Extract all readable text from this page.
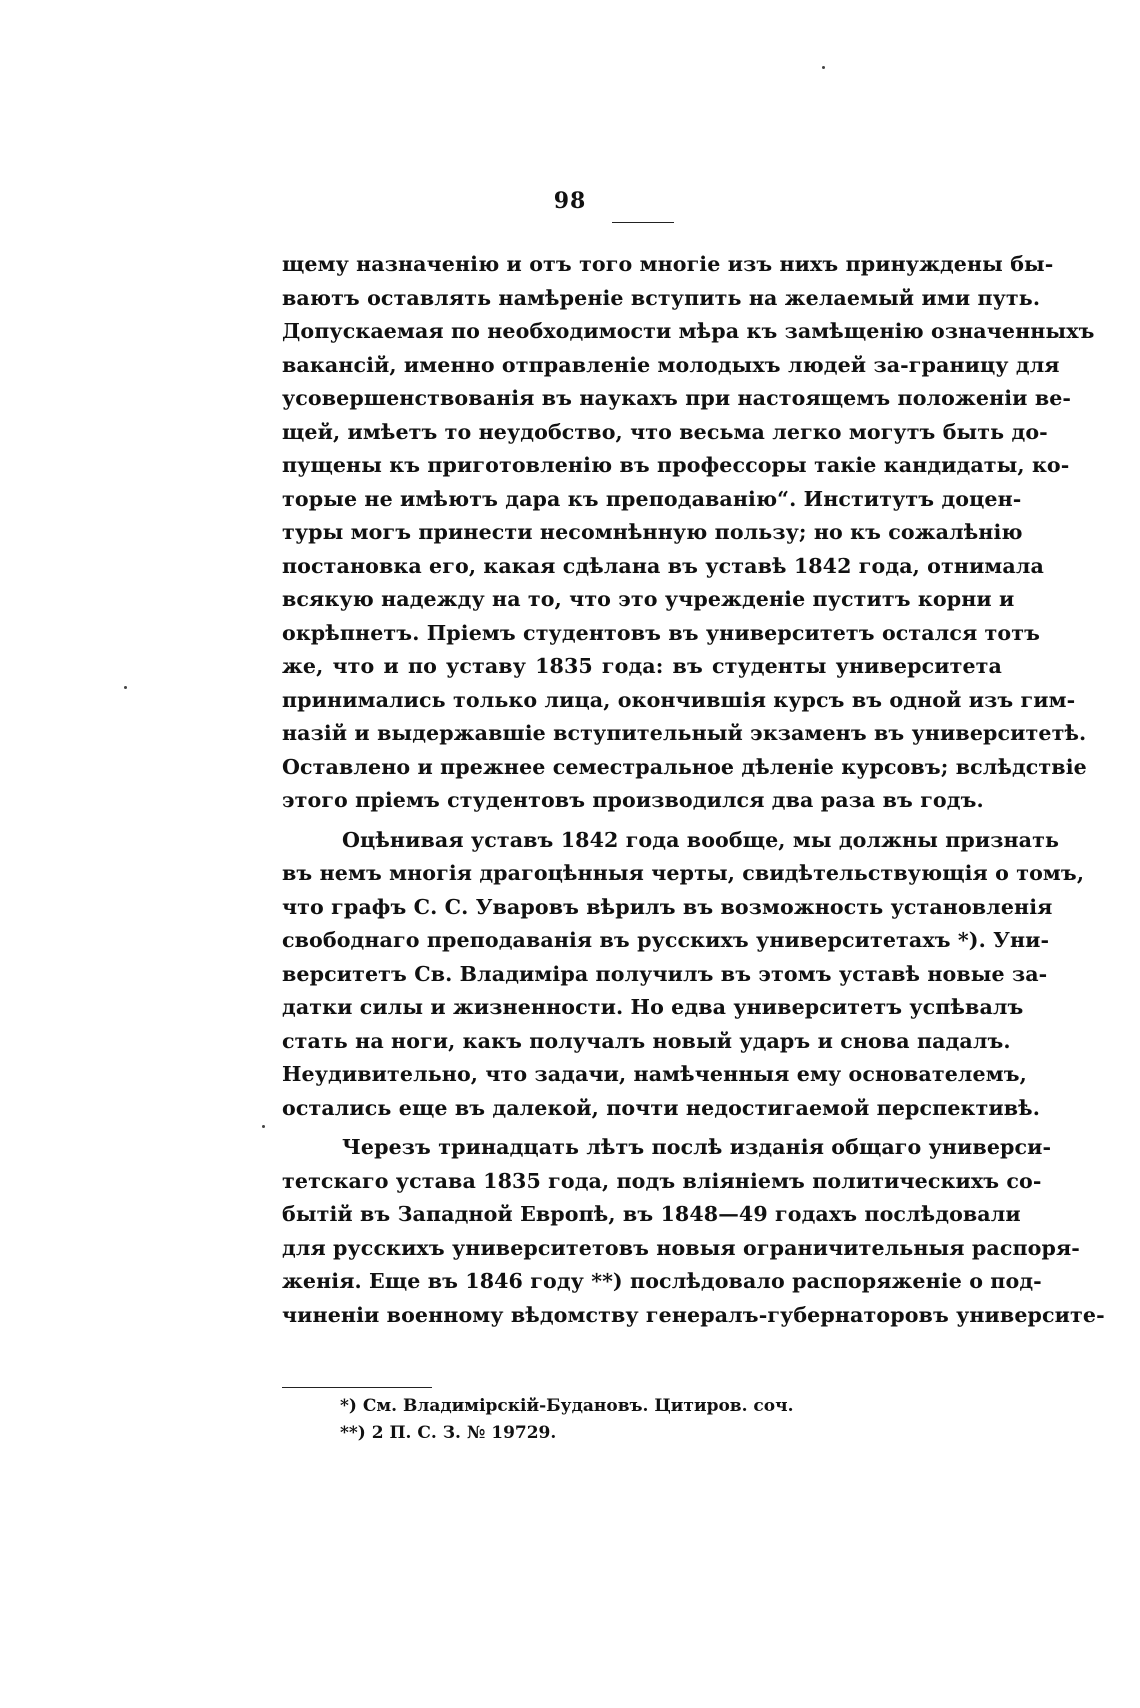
98
щему назначенію и отъ того многіе изъ нихъ принуждены бы-
ваютъ оставлять намѣреніе вступить на желаемый ими путь.
Допускаемая по необходимости мѣра къ замѣщенію означенныхъ
вакансій, именно отправленіе молодыхъ людей за-границу для
усовершенствованія въ наукахъ при настоящемъ положеніи ве-
щей, имѣетъ то неудобство, что весьма легко могутъ быть до-
пущены къ приготовленію въ профессоры такіе кандидаты, ко-
торые не имѣютъ дара къ преподаванію“. Институтъ доцен-
туры могъ принести несомнѣнную пользу; но къ сожалѣнію
постановка его, какая сдѣлана въ уставѣ 1842 года, отнимала
всякую надежду на то, что это учрежденіе пуститъ корни и
окрѣпнетъ. Пріемъ студентовъ въ университетъ остался тотъ
же, что и по уставу 1835 года: въ студенты университета
принимались только лица, окончившія курсъ въ одной изъ гим-
назій и выдержавшіе вступительный экзаменъ въ университетѣ.
Оставлено и прежнее семестральное дѣленіе курсовъ; вслѣдствіе
этого пріемъ студентовъ производился два раза въ годъ.
Оцѣнивая уставъ 1842 года вообще, мы должны признать
въ немъ многія драгоцѣнныя черты, свидѣтельствующія о томъ,
что графъ С. С. Уваровъ вѣрилъ въ возможность установленія
свободнаго преподаванія въ русскихъ университетахъ *). Уни-
верситетъ Св. Владиміра получилъ въ этомъ уставѣ новые за-
датки силы и жизненности. Но едва университетъ успѣвалъ
стать на ноги, какъ получалъ новый ударъ и снова падалъ.
Неудивительно, что задачи, намѣченныя ему основателемъ,
остались еще въ далекой, почти недостигаемой перспективѣ.
Черезъ тринадцать лѣтъ послѣ изданія общаго универси-
тетскаго устава 1835 года, подъ вліяніемъ политическихъ со-
бытій въ Западной Европѣ, въ 1848—49 годахъ послѣдовали
для русскихъ университетовъ новыя ограничительныя распоря-
женія. Еще въ 1846 году **) послѣдовало распоряженіе о под-
чиненіи военному вѣдомству генералъ-губернаторовъ университе-
*) См. Владимірскій-Будановъ. Цитиров. соч.
**) 2 П. С. З. № 19729.
